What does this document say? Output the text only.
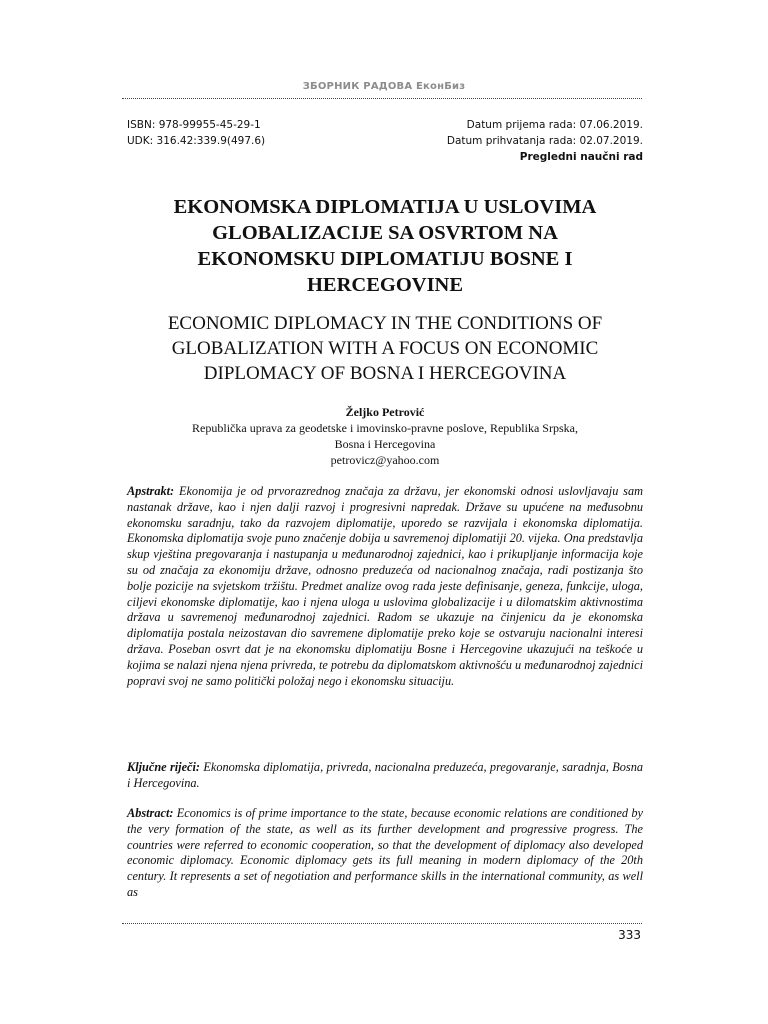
ЗБОРНИК РАДОВА ЕконБиз
ISBN: 978-99955-45-29-1
UDK: 316.42:339.9(497.6)
Datum prijema rada: 07.06.2019.
Datum prihvatanja rada: 02.07.2019.
Pregledni naučni rad
EKONOMSKA DIPLOMATIJA U USLOVIMA
GLOBALIZACIJE SA OSVRTOM NA
EKONOMSKU DIPLOMATIJU BOSNE I
HERCEGOVINE
ECONOMIC DIPLOMACY IN THE CONDITIONS OF
GLOBALIZATION WITH A FOCUS ON ECONOMIC
DIPLOMACY OF BOSNA I HERCEGOVINA
Željko Petrović
Republička uprava za geodetske i imovinsko-pravne poslove, Republika Srpska,
Bosna i Hercegovina
petrovicz@yahoo.com

Apstrakt: Ekonomija je od prvorazrednog značaja za državu, jer ekonomski odnosi uslovljavaju sam nastanak države, kao i njen dalji razvoj i progresivni napredak. Države su upućene na međusobnu ekonomsku saradnju, tako da razvojem diplomatije, uporedo se razvijala i ekonomska diplomatija. Ekonomska diplomatija svoje puno značenje dobija u savremenoj diplomatiji 20. vijeka. Ona predstavlja skup vještina pregovaranja i nastupanja u međunarodnoj zajednici, kao i prikupljanje informacija koje su od značaja za ekonomiju države, odnosno preduzeća od nacionalnog značaja, radi postizanja što bolje pozicije na svjetskom tržištu. Predmet analize ovog rada jeste definisanje, geneza, funkcije, uloga, ciljevi ekonomske diplomatije, kao i njena uloga u uslovima globalizacije i u dilomatskim aktivnostima država u savremenoj međunarodnoj zajednici. Radom se ukazuje na činjenicu da je ekonomska diplomatija postala neizostavan dio savremene diplomatije preko koje se ostvaruju nacionalni interesi država. Poseban osvrt dat je na ekonomsku diplomatiju Bosne i Hercegovine ukazujući na teškoće u kojima se nalazi njena njena privreda, te potrebu da diplomatskom aktivnošću u međunarodnoj zajednici popravi svoj ne samo politički položaj nego i ekonomsku situaciju.

Ključne riječi: Ekonomska diplomatija, privreda, nacionalna preduzeća, pregovaranje, saradnja, Bosna i Hercegovina.

Abstract: Economics is of prime importance to the state, because economic relations are conditioned by the very formation of the state, as well as its further development and progressive progress. The countries were referred to economic cooperation, so that the development of diplomacy also developed economic diplomacy. Economic diplomacy gets its full meaning in modern diplomacy of the 20th century. It represents a set of negotiation and performance skills in the international community, as well as

333
